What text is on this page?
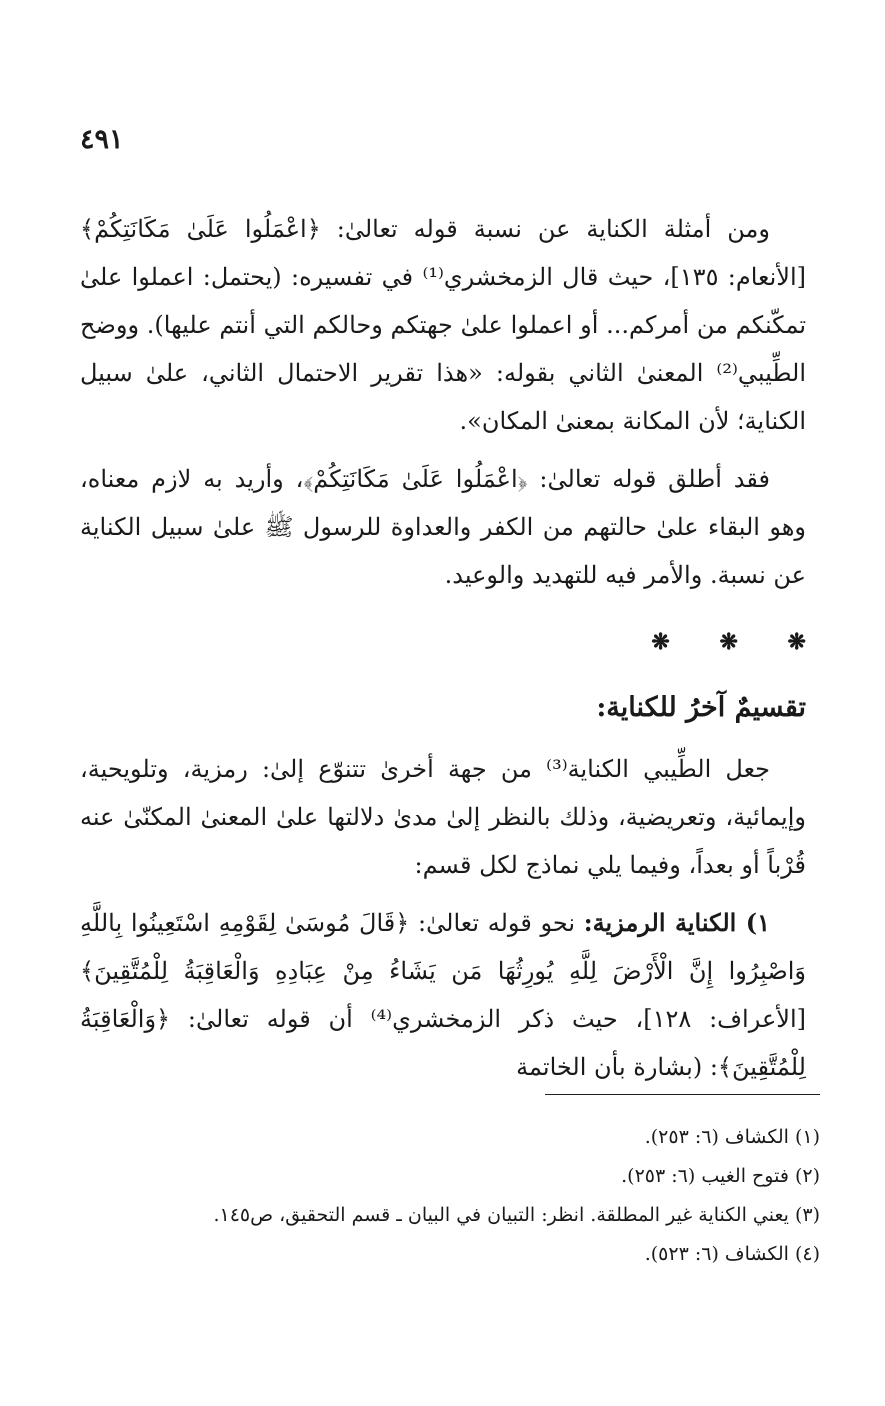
٤٩١

ومن أمثلة الكناية عن نسبة قوله تعالىٰ: ﴿اعْمَلُوا عَلَىٰ مَكَانَتِكُمْ﴾ [الأنعام: ١٣٥]، حيث قال الزمخشري⁽¹⁾ في تفسيره: (يحتمل: اعملوا علىٰ تمكّنكم من أمركم... أو اعملوا علىٰ جهتكم وحالكم التي أنتم عليها). ووضح الطِّيبي⁽²⁾ المعنىٰ الثاني بقوله: «هذا تقرير الاحتمال الثاني، علىٰ سبيل الكناية؛ لأن المكانة بمعنىٰ المكان».

فقد أطلق قوله تعالىٰ: ﴿اعْمَلُوا عَلَىٰ مَكَانَتِكُمْ﴾، وأريد به لازم معناه، وهو البقاء علىٰ حالتهم من الكفر والعداوة للرسول ﷺ علىٰ سبيل الكناية عن نسبة. والأمر فيه للتهديد والوعيد.

❋ ❋ ❋
تقسيمٌ آخرُ للكناية:

جعل الطِّيبي الكناية⁽³⁾ من جهة أخرىٰ تتنوّع إلىٰ: رمزية، وتلويحية، وإيمائية، وتعريضية، وذلك بالنظر إلىٰ مدىٰ دلالتها علىٰ المعنىٰ المكنّىٰ عنه قُرْباً أو بعداً، وفيما يلي نماذج لكل قسم:

١) الكناية الرمزية: نحو قوله تعالىٰ: ﴿قَالَ مُوسَىٰ لِقَوْمِهِ اسْتَعِينُوا بِاللَّهِ وَاصْبِرُوا إِنَّ الْأَرْضَ لِلَّهِ يُورِثُهَا مَن يَشَاءُ مِنْ عِبَادِهِ وَالْعَاقِبَةُ لِلْمُتَّقِينَ﴾ [الأعراف: ١٢٨]، حيث ذكر الزمخشري⁽⁴⁾ أن قوله تعالىٰ: ﴿وَالْعَاقِبَةُ لِلْمُتَّقِينَ﴾: (بشارة بأن الخاتمة

(١) الكشاف (٦: ٢٥٣).

(٢) فتوح الغيب (٦: ٢٥٣).

(٣) يعني الكناية غير المطلقة. انظر: التبيان في البيان ـ قسم التحقيق، ص١٤٥.

(٤) الكشاف (٦: ٥٢٣).
